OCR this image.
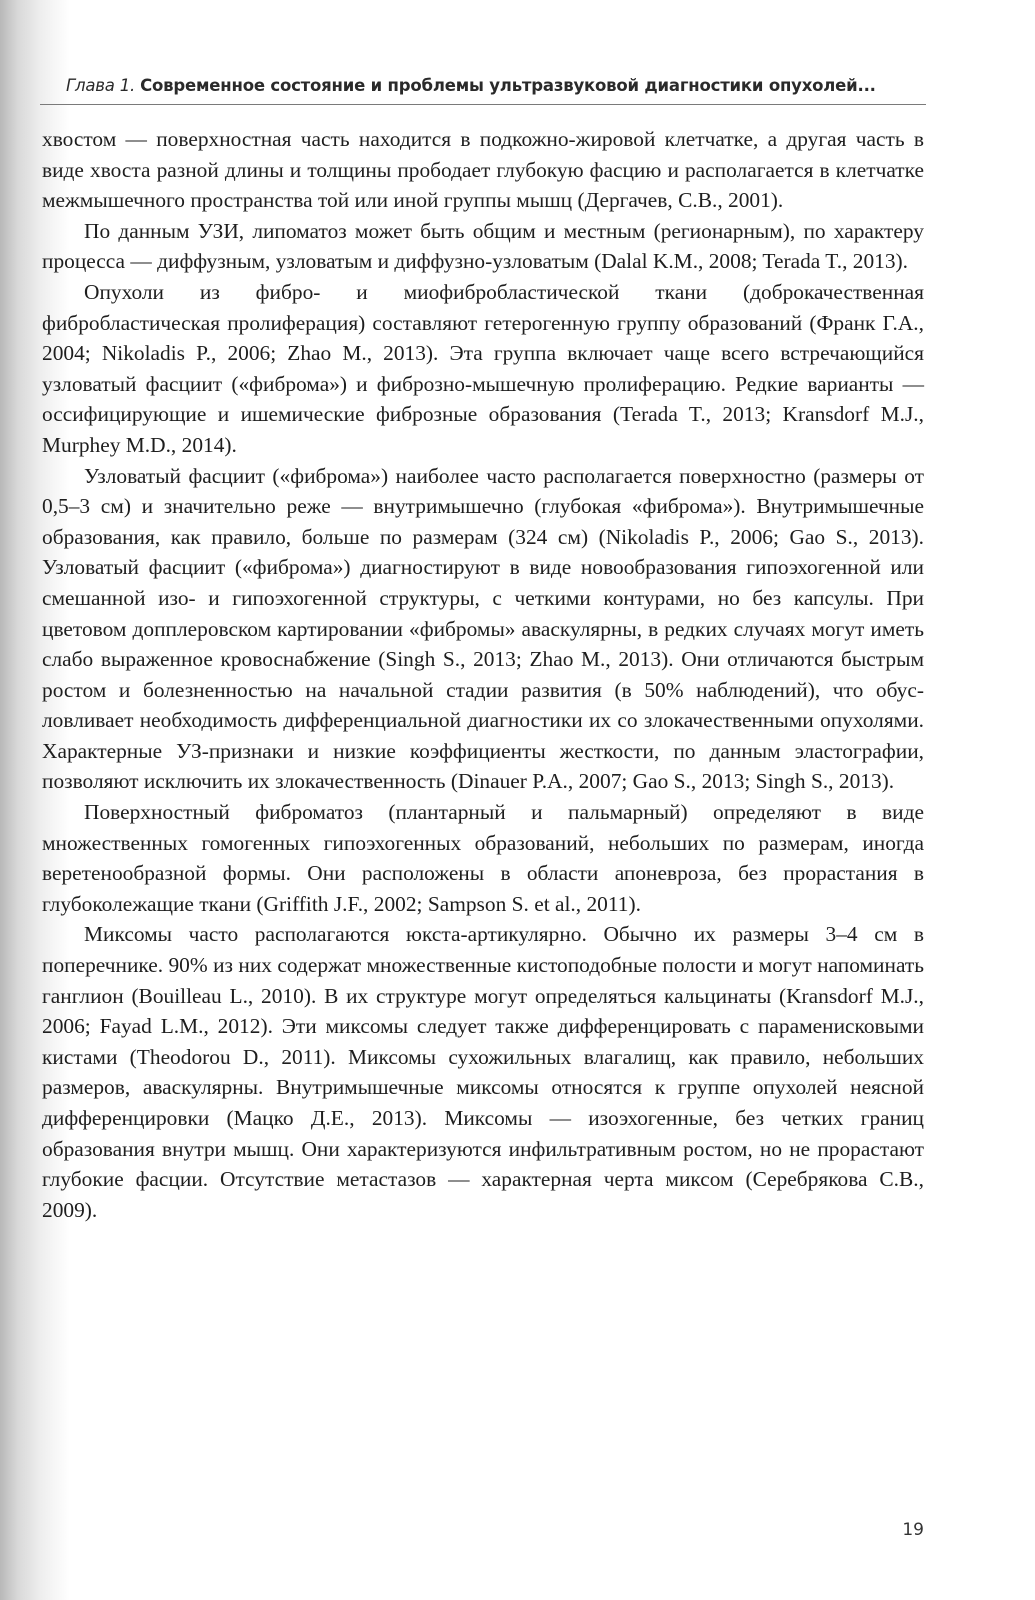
Глава 1. Современное состояние и проблемы ультразвуковой диагностики опухолей...

хвостом — поверхностная часть находится в подкожно-жировой клетчатке, а другая часть в виде хвоста разной длины и толщины прободает глубокую фасцию и располагается в клетчатке межмышечного пространства той или иной группы мышц (Дергачев, С.В., 2001).

По данным УЗИ, липоматоз может быть общим и местным (регионарным), по характеру процесса — диффузным, узловатым и диффузно-узловатым (Dalal K.M., 2008; Terada T., 2013).

Опухоли из фибро- и миофибробластической ткани (доброкачественная фибробластическая пролиферация) составляют гетерогенную группу образований (Франк Г.А., 2004; Nikoladis P., 2006; Zhao M., 2013). Эта группа включает чаще всего встречающийся узловатый фасциит («фиброма») и фиброзно-мышечную пролиферацию. Редкие варианты — оссифицирующие и ишемические фиброзные образования (Terada T., 2013; Kransdorf M.J., Murphey M.D., 2014).

Узловатый фасциит («фиброма») наиболее часто располагается поверхностно (размеры от 0,5–3 см) и значительно реже — внутримышечно (глубокая «фиброма»). Внутримышечные образования, как правило, больше по размерам (324 см) (Nikoladis P., 2006; Gao S., 2013). Узловатый фасциит («фиброма») диагностируют в виде новообразования гипоэхогенной или смешанной изо- и гипоэхогенной структуры, с четкими контурами, но без капсулы. При цветовом допплеровском картировании «фибромы» аваскулярны, в редких случаях могут иметь слабо выраженное кровоснабжение (Singh S., 2013; Zhao M., 2013). Они отличаются быстрым ростом и болезненностью на начальной стадии развития (в 50% наблюдений), что обусловливает необходимость дифференциальной диагностики их со злокачественными опухолями. Характерные УЗ-признаки и низкие коэффициенты жесткости, по данным эластографии, позволяют исключить их злокачественность (Dinauer P.A., 2007; Gao S., 2013; Singh S., 2013).

Поверхностный фиброматоз (плантарный и пальмарный) определяют в виде множественных гомогенных гипоэхогенных образований, небольших по размерам, иногда веретенообразной формы. Они расположены в области апоневроза, без прорастания в глубоколежащие ткани (Griffith J.F., 2002; Sampson S. et al., 2011).

Миксомы часто располагаются юкста-артикулярно. Обычно их размеры 3–4 см в поперечнике. 90% из них содержат множественные кистоподобные полости и могут напоминать ганглион (Bouilleau L., 2010). В их структуре могут определяться кальцинаты (Kransdorf M.J., 2006; Fayad L.M., 2012). Эти миксомы следует также дифференцировать с параменисковыми кистами (Theodorou D., 2011). Миксомы сухожильных влагалищ, как правило, небольших размеров, аваскулярны. Внутримышечные миксомы относятся к группе опухолей неясной дифференцировки (Мацко Д.Е., 2013). Миксомы — изоэхогенные, без четких границ образования внутри мышц. Они характеризуются инфильтративным ростом, но не прорастают глубокие фасции. Отсутствие метастазов — характерная черта миксом (Серебрякова С.В., 2009).

19
